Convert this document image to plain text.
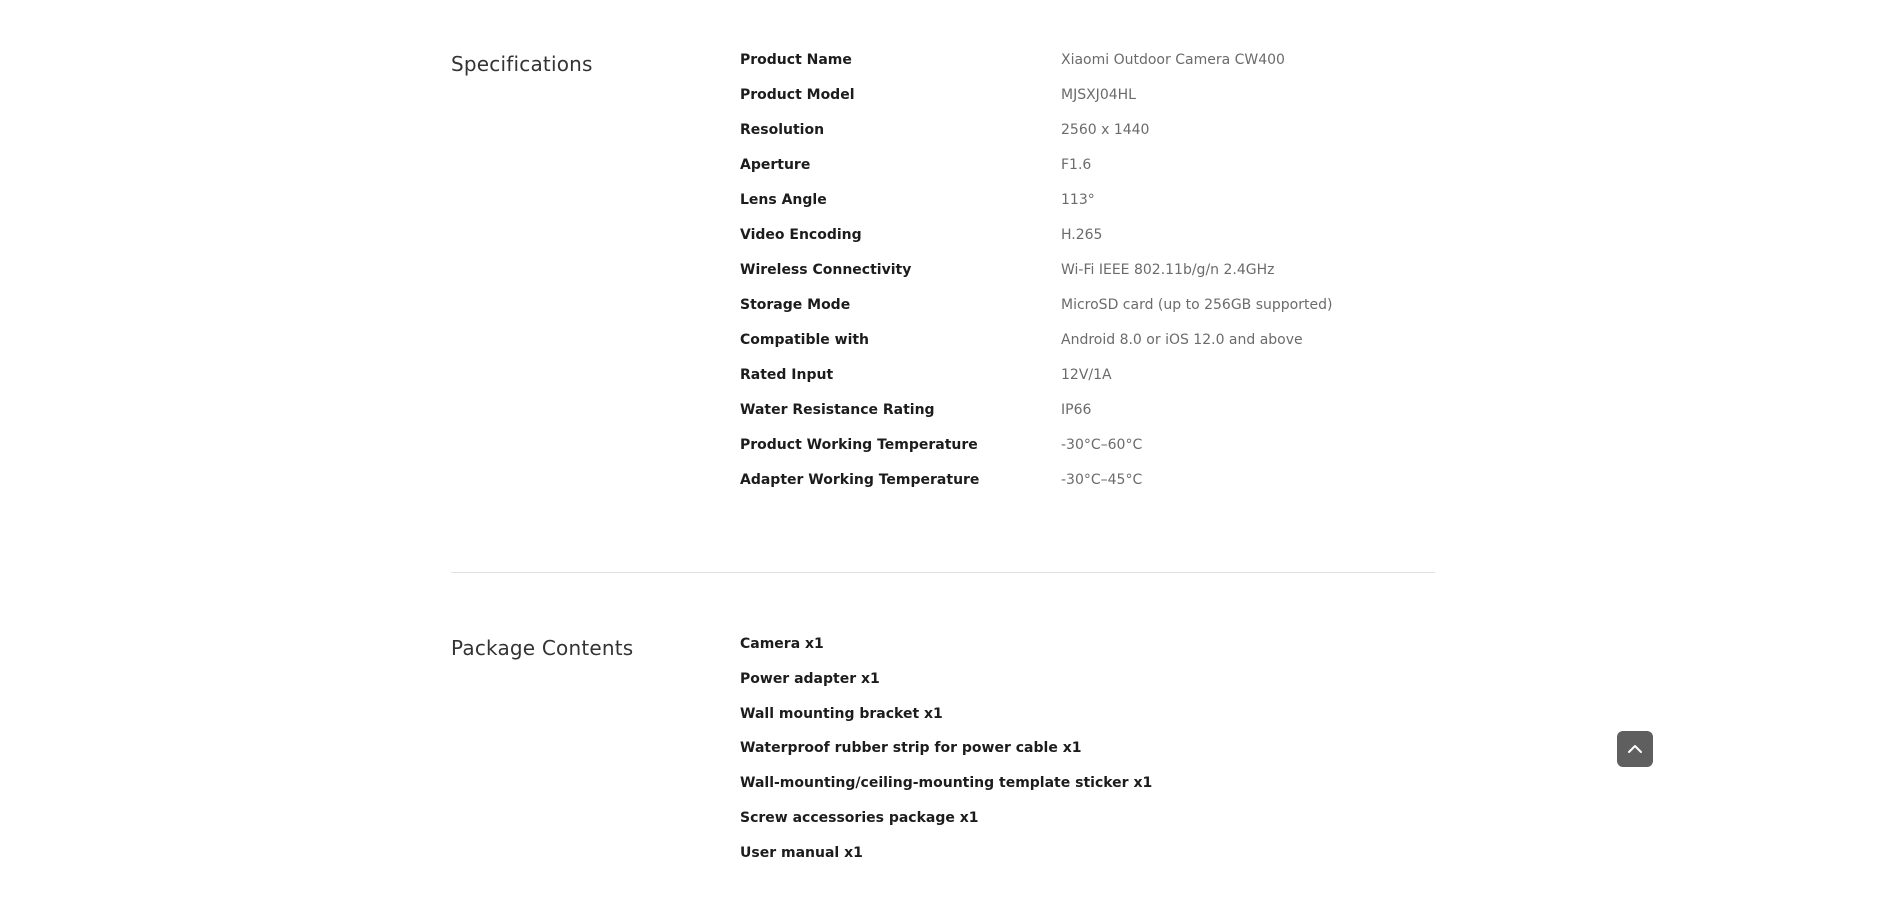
Specifications	Product Name	Xiaomi Outdoor Camera CW400
Product Model	MJSXJ04HL
Resolution	2560 x 1440
Aperture	F1.6
Lens Angle	113°
Video Encoding	H.265
Wireless Connectivity	Wi-Fi IEEE 802.11b/g/n 2.4GHz
Storage Mode	MicroSD card (up to 256GB supported)
Compatible with	Android 8.0 or iOS 12.0 and above
Rated Input	12V/1A
Water Resistance Rating	IP66
Product Working Temperature	-30°C–60°C
Adapter Working Temperature	-30°C–45°C
Package Contents	Camera x1
Power adapter x1
Wall mounting bracket x1
Waterproof rubber strip for power cable x1
Wall-mounting/ceiling-mounting template sticker x1
Screw accessories package x1
User manual x1
